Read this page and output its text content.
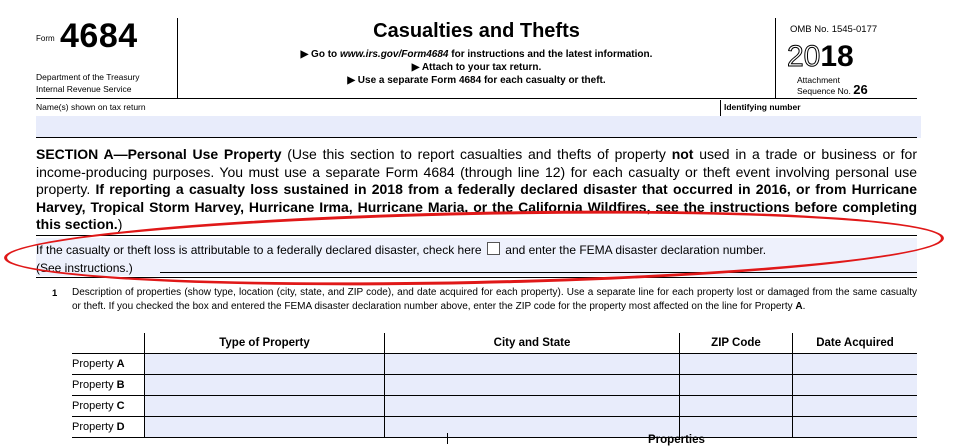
Form 4684
Department of the Treasury
Internal Revenue Service
Casualties and Thefts
▶ Go to www.irs.gov/Form4684 for instructions and the latest information.
▶ Attach to your tax return.
▶ Use a separate Form 4684 for each casualty or theft.
OMB No. 1545-0177
2018
Attachment
Sequence No. 26
Name(s) shown on tax return	Identifying number
SECTION A—Personal Use Property (Use this section to report casualties and thefts of property not used in a trade or business or for income-producing purposes. You must use a separate Form 4684 (through line 12) for each casualty or theft event involving personal use property. If reporting a casualty loss sustained in 2018 from a federally declared disaster that occurred in 2016, or from Hurricane Harvey, Tropical Storm Harvey, Hurricane Irma, Hurricane Maria, or the California Wildfires, see the instructions before completing this section.)
If the casualty or theft loss is attributable to a federally declared disaster, check here and enter the FEMA disaster declaration number.
(See instructions.)
1 Description of properties (show type, location (city, state, and ZIP code), and date acquired for each property). Use a separate line for each property lost or damaged from the same casualty or theft. If you checked the box and entered the FEMA disaster declaration number above, enter the ZIP code for the property most affected on the line for Property A.
	Type of Property	City and State	ZIP Code	Date Acquired
Property A				
Property B				
Property C				
Property D				
Properties
